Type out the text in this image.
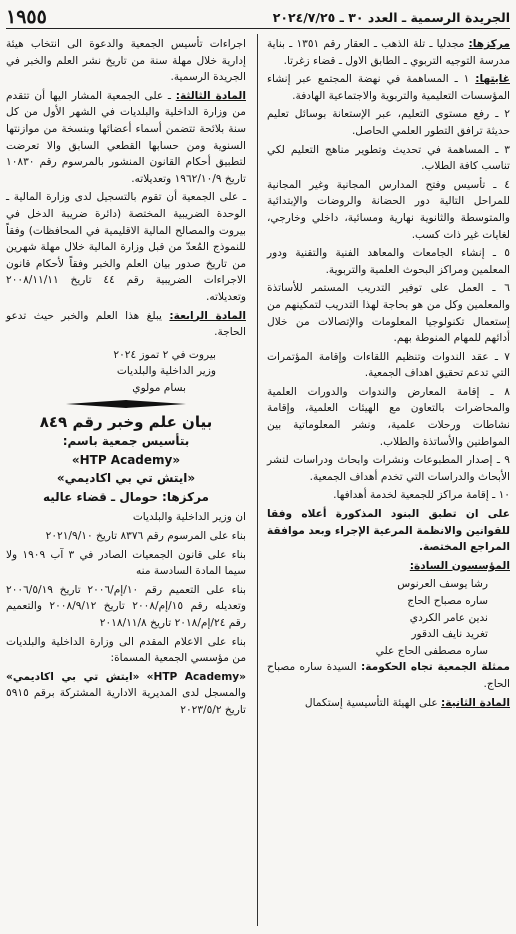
الجريدة الرسمية ـ العدد ٣٠ ـ ٢٠٢٤/٧/٢٥
١٩٥٥

مركزها: مجدليا ـ تلة الذهب ـ العقار رقم ١٣٥١ ـ بناية مدرسة التوجيه التربوي ـ الطابق الاول ـ قضاء زغرتا.

غايتها: ١ ـ المساهمة في نهضة المجتمع عبر إنشاء المؤسسات التعليمية والتربوية والاجتماعية الهادفة.

٢ ـ رفع مستوى التعليم، عبر الإستعانة بوسائل تعليم حديثة ترافق التطور العلمي الحاصل.

٣ ـ المساهمة في تحديث وتطوير مناهج التعليم لكي تناسب كافة الطلاب.

٤ ـ تأسيس وفتح المدارس المجانية وغير المجانية للمراحل التالية دور الحضانة والروضات والإبتدائية والمتوسطة والثانوية نهارية ومسائية، داخلي وخارجي، لغايات غير ذات كسب.

٥ ـ إنشاء الجامعات والمعاهد الفنية والتقنية ودور المعلمين ومراكز البحوث العلمية والتربوية.

٦ ـ العمل على توفير التدريب المستمر للأساتذة والمعلمين وكل من هو بحاجة لهذا التدريب لتمكينهم من إستعمال تكنولوجيا المعلومات والإتصالات من خلال أدائهم للمهام المنوطة بهم.

٧ ـ عقد الندوات وتنظيم اللقاءات وإقامة المؤتمرات التي تدعم تحقيق اهداف الجمعية.

٨ ـ إقامة المعارض والندوات والدورات العلمية والمحاضرات بالتعاون مع الهيئات العلمية، وإقامة نشاطات ورحلات علمية، ونشر المعلوماتية بين المواطنين والأساتذة والطلاب.

٩ ـ إصدار المطبوعات ونشرات وابحاث ودراسات لنشر الأبحاث والدراسات التي تخدم أهداف الجمعية.

١٠ ـ إقامة مراكز للجمعية لخدمة أهدافها.

على ان تطبق البنود المذكورة أعلاه وفقا للقوانين والانظمة المرعية الإجراء وبعد موافقة المراجع المختصة.

المؤسسون السادة:

رشا يوسف العرنوس

ساره مصباح الحاج

ندين عامر الكردي

تغريد نايف الدقور

ساره مصطفى الحاج علي

ممثلة الجمعية تجاه الحكومة: السيدة ساره مصباح الحاج.

المادة الثانية: على الهيئة التأسيسية إستكمال

اجراءات تأسيس الجمعية والدعوة الى انتخاب هيئة إدارية خلال مهلة سنة من تاريخ نشر العلم والخبر في الجريدة الرسمية.

المادة الثالثة: ـ على الجمعية المشار اليها أن تتقدم من وزارة الداخلية والبلديات في الشهر الأول من كل سنة بلائحة تتضمن أسماء أعضائها وبنسخة من موازنتها السنوية ومن حسابها القطعي السابق والا تعرضت لتطبيق أحكام القانون المنشور بالمرسوم رقم ١٠٨٣٠ تاريخ ١٩٦٢/١٠/٩ وتعديلاته.

ـ على الجمعية أن تقوم بالتسجيل لدى وزارة المالية ـ الوحدة الضريبية المختصة (دائرة ضريبة الدخل في بيروت والمصالح المالية الاقليمية في المحافظات) وفقاً للنموذج المُعدّ من قبل وزارة المالية خلال مهلة شهرين من تاريخ صدور بيان العلم والخبر وفقاً لأحكام قانون الاجراءات الضريبية رقم ٤٤ تاريخ ٢٠٠٨/١١/١١ وتعديلاته.

المادة الرابعة: يبلغ هذا العلم والخبر حيث تدعو الحاجة.

بيروت في ٢ تموز ٢٠٢٤

وزير الداخلية والبلديات

بسام مولوي

بيان علم وخبر رقم ٨٤٩

بتأسيس جمعية باسم:

«HTP Academy»

«ايتش تي بي اكاديمي»

مركزها: حومال ـ قضاء عاليه

ان وزير الداخلية والبلديات

بناء على المرسوم رقم ٨٣٧٦ تاريخ ٢٠٢١/٩/١٠

بناء على قانون الجمعيات الصادر في ٣ آب ١٩٠٩ ولا سيما المادة السادسة منه

بناء على التعميم رقم ١٠/إم/٢٠٠٦ تاريخ ٢٠٠٦/٥/١٩ وتعديله رقم ١٥/إم/٢٠٠٨ تاريخ ٢٠٠٨/٩/١٢ والتعميم رقم ٢٤/إم/٢٠١٨ تاريخ ٢٠١٨/١١/٨

بناء على الاعلام المقدم الى وزارة الداخلية والبلديات من مؤسسي الجمعية المسماة:

«HTP Academy» «ايتش تي بي اكاديمي» والمسجل لدى المديرية الادارية المشتركة برقم ٥٩١٥ تاريخ ٢٠٢٣/٥/٢
